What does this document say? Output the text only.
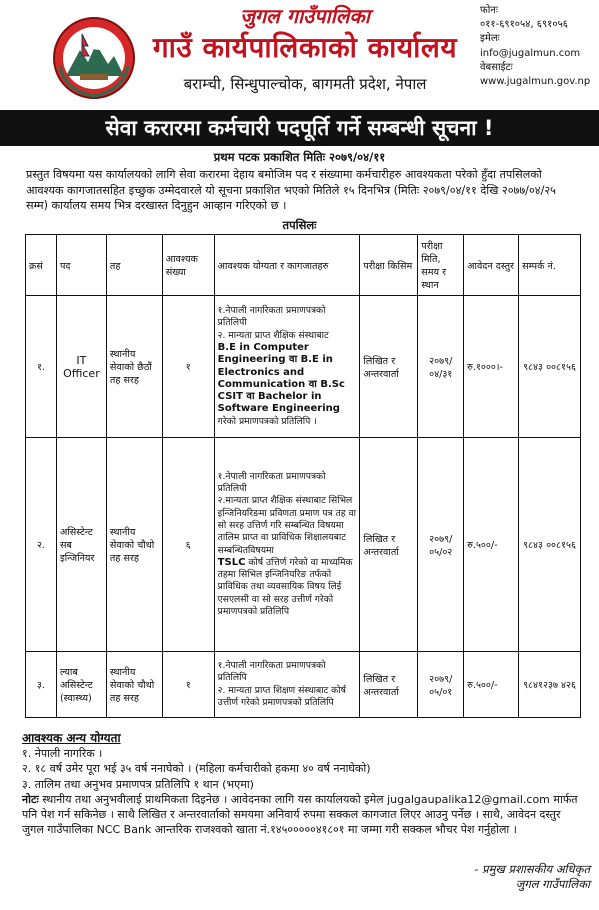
जुगल गाउँपालिका
गाउँ कार्यपालिकाको कार्यालय
बराम्ची, सिन्धुपाल्चोक, बागमती प्रदेश, नेपाल
फोनः
०११-६९१०५४, ६९१०५६
इमेलः
info@jugalmun.com
वेबसाईटः
www.jugalmun.gov.np
सेवा करारमा कर्मचारी पदपूर्ति गर्ने सम्बन्धी सूचना !
प्रथम पटक प्रकाशित मितिः २०७९/०४/११
प्रस्तुत विषयमा यस कार्यालयको लागि सेवा करारमा देहाय बमोजिम पद र संख्यामा कर्मचारीहरु आवश्यकता परेको हुँदा तपसिलको आवश्यक कागजातसहित इच्छुक उम्मेदवारले यो सूचना प्रकाशित भएको मितिले १५ दिनभित्र (मितिः २०७९/०४/११ देखि २०७७/०४/२५ सम्म) कार्यालय समय भित्र दरखास्त दिनुहुन आव्हान गरिएको छ ।
तपसिलः
क्रसं	पद	तह	आवश्यक संख्या	आवश्यक योग्यता र कागजातहरु	परीक्षा किसिम	परीक्षा मिति, समय र स्थान	आवेदन दस्तुर	सम्पर्क नं.
१.	IT Officer	स्थानीय सेवाको छैठौं तह सरह	१	१.नेपाली नागरिकता प्रमाणपत्रको प्रतिलिपी
२. मान्यता प्राप्त शैक्षिक संस्थाबाट
B.E in Computer Engineering वा B.E in Electronics and Communication वा B.Sc CSIT वा Bachelor in Software Engineering
गरेको प्रमाणपत्रको प्रतिलिपि ।	लिखित र अन्तरवार्ता	२०७९/ ०४/३१	रु.१०००।-	९८४३ ००८१५६
२.	असिस्टेन्ट सब इन्जिनियर	स्थानीय सेवाको चौथो तह सरह	६	१.नेपाली नागरिकता प्रमाणपत्रको प्रतिलिपी
२.मान्यता प्राप्त शैक्षिक संस्थाबाट सिभिल इन्जिनियरिङमा प्रविणता प्रमाण पत्र तह वा सो सरह उत्तिर्ण गरि सम्बन्धित विषयमा तालिम प्राप्त वा प्राविधिक शिक्षालयबाट सम्बन्धितविषयमा
TSLC कोर्ष उत्तिर्ण गरेको वा माध्यमिक तहमा सिभिल इन्जिनियरिङ तर्फको प्राविधिक तथा व्यवसायिक विषय लिई एसएलसी वा सो सरह उत्तीर्ण गरेको प्रमाणपत्रको प्रतिलिपि	लिखित र अन्तरवार्ता	२०७९/ ०५/०२	रु.५००/-	९८४३ ००८१५६
३.	ल्याब असिस्टेन्ट (स्वास्थ्य)	स्थानीय सेवाको चौथो तह सरह	१	१.नेपाली नागरिकता प्रमाणपत्रको प्रतिलिपि
२. मान्यता प्राप्त शिक्षण संस्थाबाट कोर्ष उत्तीर्ण गरेको प्रमाणपत्रको प्रतिलिपि	लिखित र अन्तरवार्ता	२०७९/ ०५/०१	रु.५००/-	९८४१२३७ ४२६
आवश्यक अन्य योग्यता
१. नेपाली नागरिक ।
२. १८ वर्ष उमेर पूरा भई ३५ वर्ष ननाघेको । (महिला कर्मचारीको हकमा ४० वर्ष ननाघेको)
३. तालिम तथा अनुभव प्रमाणपत्र प्रतिलिपि १ थान (भएमा)
नोटः स्थानीय तथा अनुभवीलाई प्राथमिकता दिइनेछ । आवेदनका लागि यस कार्यालयको इमेल jugalgaupalika12@gmail.com मार्फत पनि पेश गर्न सकिनेछ । साथै लिखित र अन्तरवार्ताको समयमा अनिवार्य रुपमा सक्कल कागजात लिएर आउनु पर्नेछ । साथै, आवेदन दस्तुर जुगल गाउँपालिका NCC Bank आन्तरिक राजश्वको खाता नं.१४५०००००४१८०१ मा जम्मा गरी सक्कल भौचर पेश गर्नुहोला ।
- प्रमुख प्रशासकीय अधिकृत
जुगल गाउँपालिका
